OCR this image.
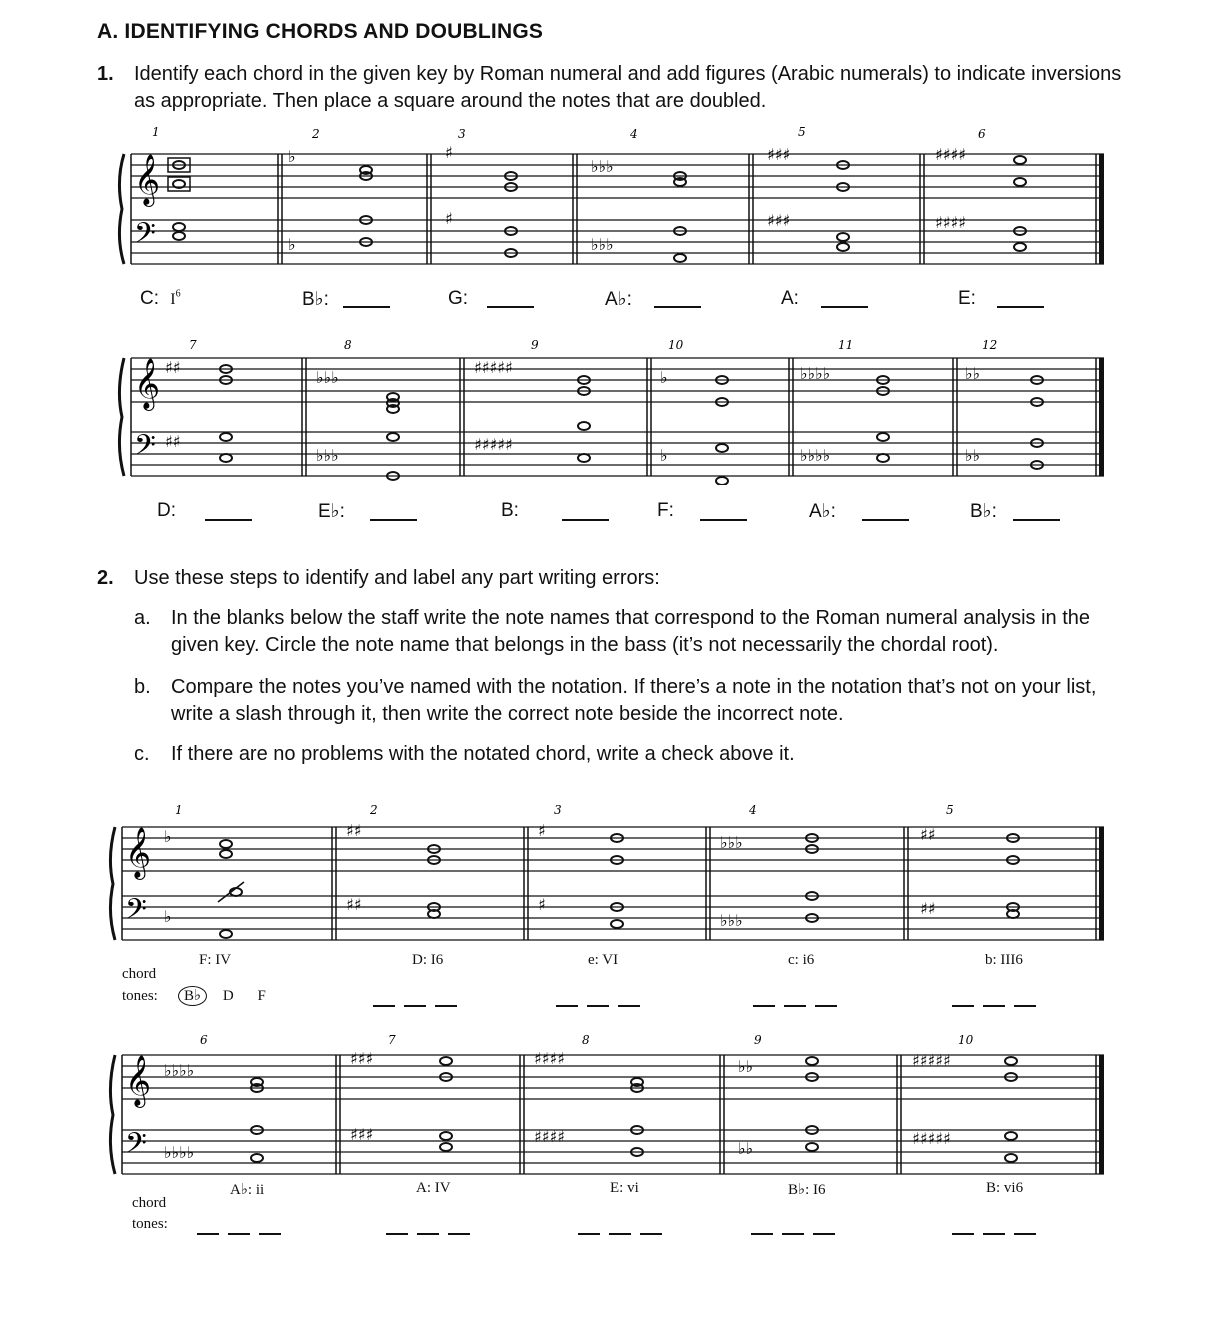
A. IDENTIFYING CHORDS AND DOUBLINGS
1. Identify each chord in the given key by Roman numeral and add figures (Arabic numerals) to indicate inversions as appropriate. Then place a square around the notes that are doubled.
𝄞
𝄢
♭
♭
♯
♯
♭♭♭
♭♭♭
♯♯♯
♯♯♯
♯♯♯♯
♯♯♯♯
1	2	3	4	5	6
C: $I^6$	B♭:	G:	A♭:	A:	E:
𝄞
𝄢
♯♯
♯♯
♭♭♭
♭♭♭
♯♯♯♯♯
♯♯♯♯♯
♭
♭
♭♭♭♭
♭♭♭♭
♭♭
♭♭
7	8	9	10	11	12
D:	E♭:	B:	F:	A♭:	B♭:
2. Use these steps to identify and label any part writing errors:
a. In the blanks below the staff write the note names that correspond to the Roman numeral analysis in the given key. Circle the note name that belongs in the bass (it’s not necessarily the chordal root).
b. Compare the notes you’ve named with the notation. If there’s a note in the notation that’s not on your list, write a slash through it, then write the correct note beside the incorrect note.
c. If there are no problems with the notated chord, write a check above it.
𝄞
𝄢
♭
♭
♯♯
♯♯
♯
♯
♭♭♭
♭♭♭
♯♯
♯♯
1	2	3	4	5
F: IV	D: I6	e: VI	c: i6	b: III6
chord
tones:	B♭ D F
𝄞
𝄢
♭♭♭♭
♭♭♭♭
♯♯♯
♯♯♯
♯♯♯♯
♯♯♯♯
♭♭
♭♭
♯♯♯♯♯
♯♯♯♯♯
6	7	8	9	10
A♭: ii	A: IV	E: vi	B♭: I6	B: vi6
chord
tones:
